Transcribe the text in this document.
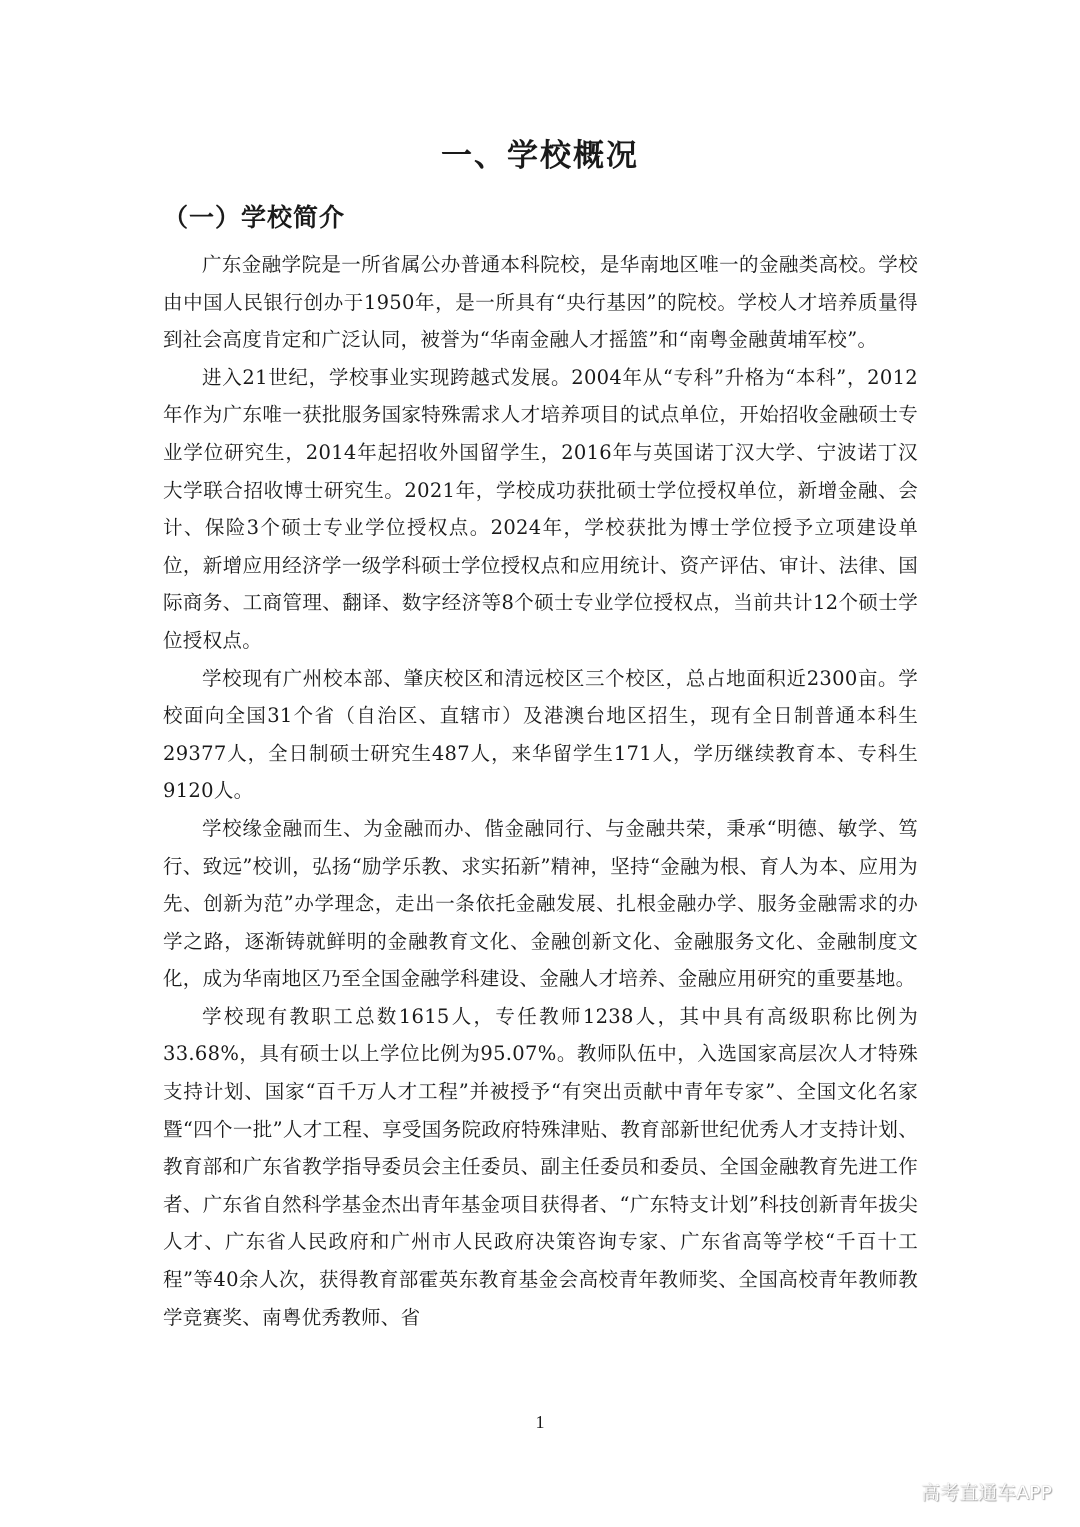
一、学校概况
（一）学校简介

广东金融学院是一所省属公办普通本科院校，是华南地区唯一的金融类高校。学校由中国人民银行创办于1950年，是一所具有“央行基因”的院校。学校人才培养质量得到社会高度肯定和广泛认同，被誉为“华南金融人才摇篮”和“南粤金融黄埔军校”。

进入21世纪，学校事业实现跨越式发展。2004年从“专科”升格为“本科”，2012年作为广东唯一获批服务国家特殊需求人才培养项目的试点单位，开始招收金融硕士专业学位研究生，2014年起招收外国留学生，2016年与英国诺丁汉大学、宁波诺丁汉大学联合招收博士研究生。2021年，学校成功获批硕士学位授权单位，新增金融、会计、保险3个硕士专业学位授权点。2024年，学校获批为博士学位授予立项建设单位，新增应用经济学一级学科硕士学位授权点和应用统计、资产评估、审计、法律、国际商务、工商管理、翻译、数字经济等8个硕士专业学位授权点，当前共计12个硕士学位授权点。

学校现有广州校本部、肇庆校区和清远校区三个校区，总占地面积近2300亩。学校面向全国31个省（自治区、直辖市）及港澳台地区招生，现有全日制普通本科生29377人，全日制硕士研究生487人，来华留学生171人，学历继续教育本、专科生9120人。

学校缘金融而生、为金融而办、偕金融同行、与金融共荣，秉承“明德、敏学、笃行、致远”校训，弘扬“励学乐教、求实拓新”精神，坚持“金融为根、育人为本、应用为先、创新为范”办学理念，走出一条依托金融发展、扎根金融办学、服务金融需求的办学之路，逐渐铸就鲜明的金融教育文化、金融创新文化、金融服务文化、金融制度文化，成为华南地区乃至全国金融学科建设、金融人才培养、金融应用研究的重要基地。

学校现有教职工总数1615人，专任教师1238人，其中具有高级职称比例为33.68%，具有硕士以上学位比例为95.07%。教师队伍中，入选国家高层次人才特殊支持计划、国家“百千万人才工程”并被授予“有突出贡献中青年专家”、全国文化名家暨“四个一批”人才工程、享受国务院政府特殊津贴、教育部新世纪优秀人才支持计划、教育部和广东省教学指导委员会主任委员、副主任委员和委员、全国金融教育先进工作者、广东省自然科学基金杰出青年基金项目获得者、“广东特支计划”科技创新青年拔尖人才、广东省人民政府和广州市人民政府决策咨询专家、广东省高等学校“千百十工程”等40余人次，获得教育部霍英东教育基金会高校青年教师奖、全国高校青年教师教学竞赛奖、南粤优秀教师、省

1
高考直通车APP
